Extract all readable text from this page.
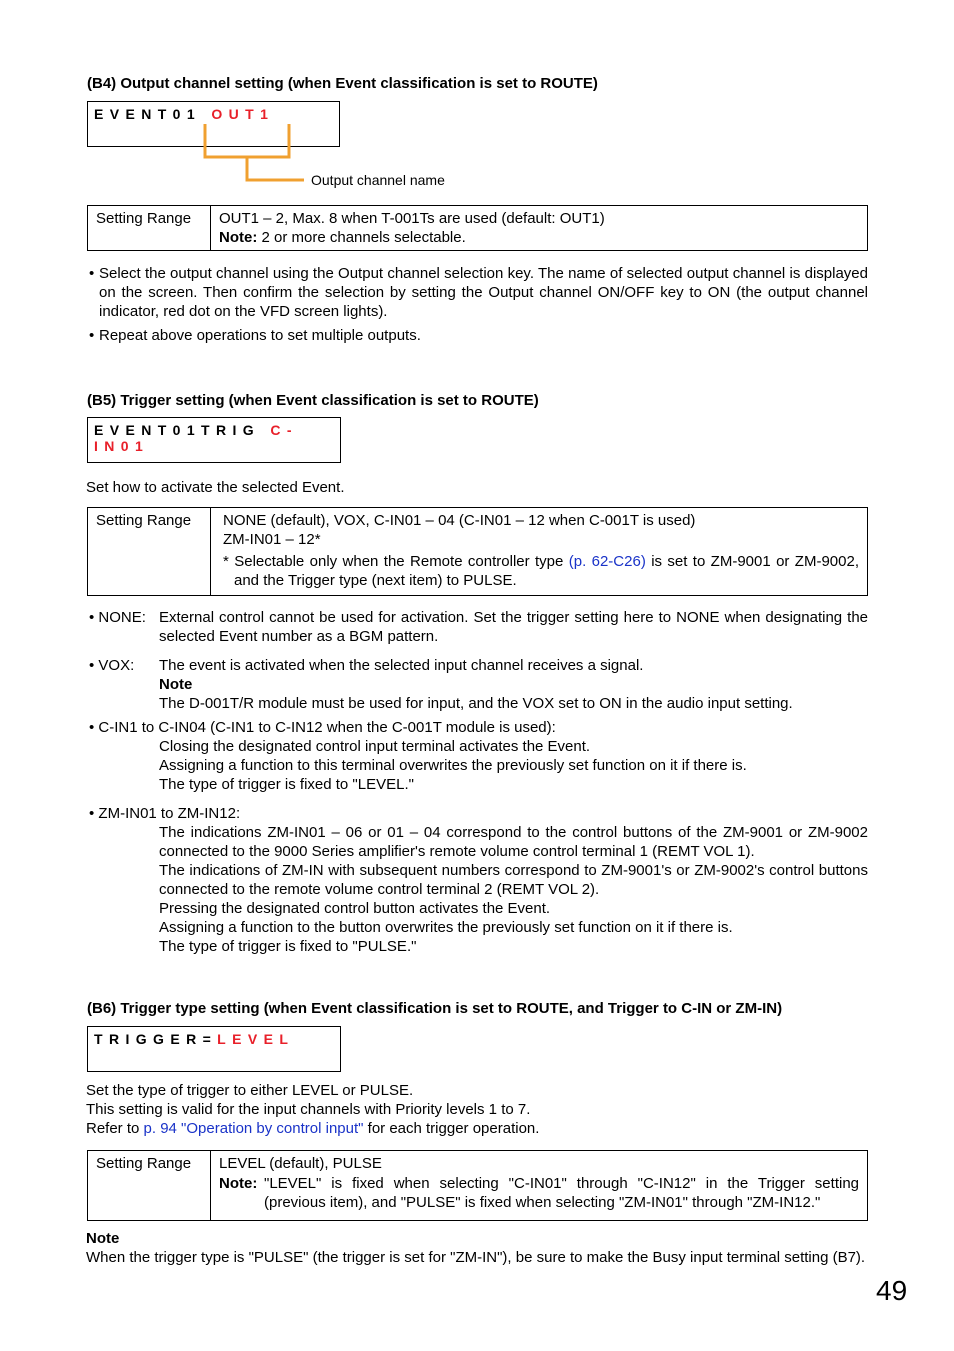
(B4) Output channel setting (when Event classification is set to ROUTE)
EVENT01 OUT1
Output channel name
Setting Range	OUT1 – 2, Max. 8 when T-001Ts are used (default: OUT1)
Note: 2 or more channels selectable.
• Select the output channel using the Output channel selection key. The name of selected output channel is displayed on the screen. Then confirm the selection by setting the Output channel ON/OFF key to ON (the output channel indicator, red dot on the VFD screen lights).
• Repeat above operations to set multiple outputs.
(B5) Trigger setting (when Event classification is set to ROUTE)
EVENT01TRIG C-IN01
Set how to activate the selected Event.
Setting Range	NONE (default), VOX, C-IN01 – 04 (C-IN01 – 12 when C-001T is used)
ZM-IN01 – 12*
* Selectable only when the Remote controller type (p. 62-C26) is set to ZM-9001 or ZM-9002, and the Trigger type (next item) to PULSE.
• NONE: External control cannot be used for activation. Set the trigger setting here to NONE when designating the selected Event number as a BGM pattern.
• VOX: The event is activated when the selected input channel receives a signal.
Note
The D-001T/R module must be used for input, and the VOX set to ON in the audio input setting.
• C-IN1 to C-IN04 (C-IN1 to C-IN12 when the C-001T module is used):
Closing the designated control input terminal activates the Event.
Assigning a function to this terminal overwrites the previously set function on it if there is.
The type of trigger is fixed to "LEVEL."
• ZM-IN01 to ZM-IN12:
The indications ZM-IN01 – 06 or 01 – 04 correspond to the control buttons of the ZM-9001 or ZM-9002 connected to the 9000 Series amplifier's remote volume control terminal 1 (REMT VOL 1).
The indications of ZM-IN with subsequent numbers correspond to ZM-9001's or ZM-9002's control buttons connected to the remote volume control terminal 2 (REMT VOL 2).
Pressing the designated control button activates the Event.
Assigning a function to the button overwrites the previously set function on it if there is.
The type of trigger is fixed to "PULSE."
(B6) Trigger type setting (when Event classification is set to ROUTE, and Trigger to C-IN or ZM-IN)
TRIGGER=LEVEL
Set the type of trigger to either LEVEL or PULSE.
This setting is valid for the input channels with Priority levels 1 to 7.
Refer to p. 94 "Operation by control input" for each trigger operation.
Setting Range	LEVEL (default), PULSE
Note: "LEVEL" is fixed when selecting "C-IN01" through "C-IN12" in the Trigger setting (previous item), and "PULSE" is fixed when selecting "ZM-IN01" through "ZM-IN12."
Note
When the trigger type is "PULSE" (the trigger is set for "ZM-IN"), be sure to make the Busy input terminal setting (B7).
49
